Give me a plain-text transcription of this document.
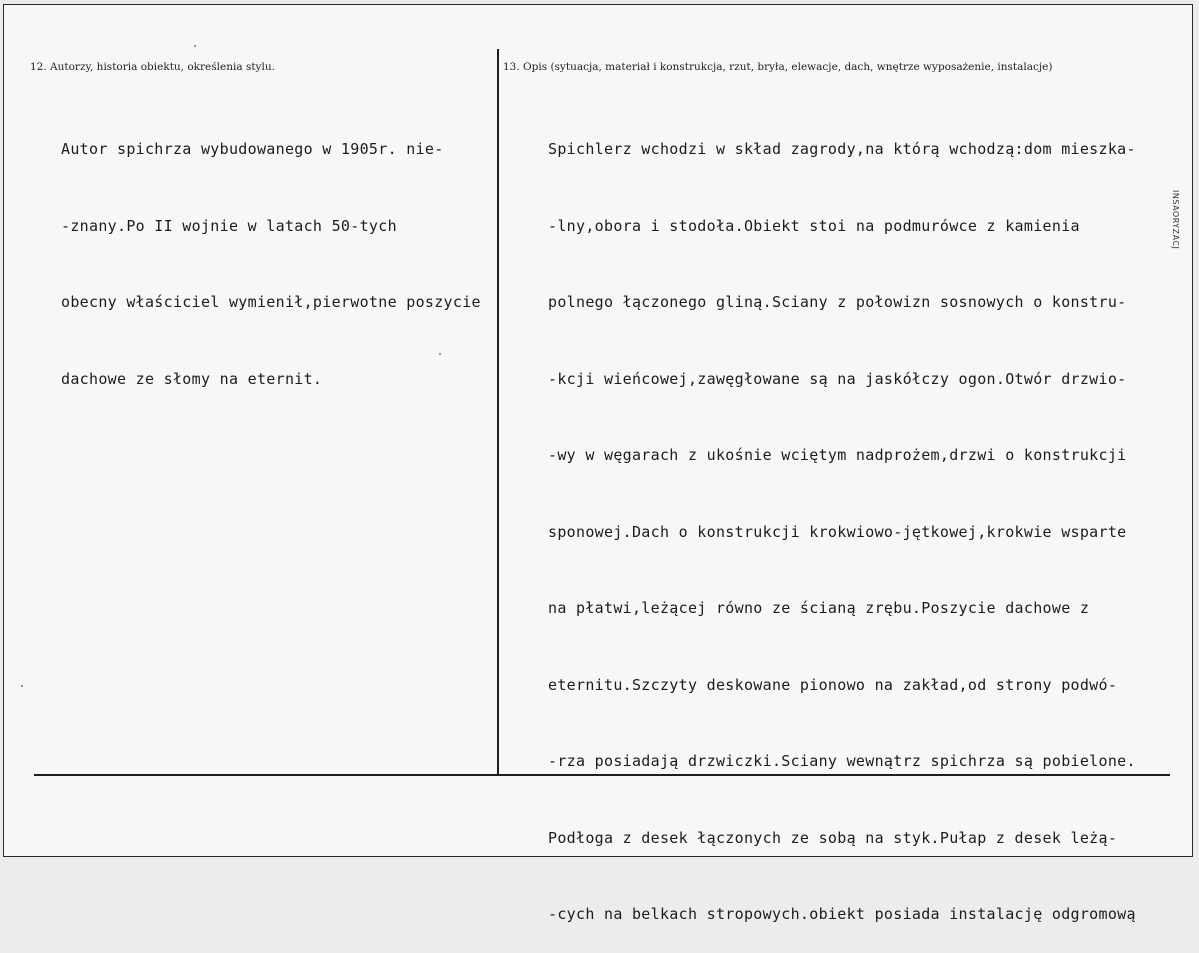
12. Autorzy, historia obiektu, określenia stylu.

Autor spichrza wybudowanego w 1905r. nie-

-znany.Po II wojnie w latach 50-tych

obecny właściciel wymienił,pierwotne poszycie

dachowe ze słomy na eternit.

13. Opis (sytuacja, materiał i konstrukcja, rzut, bryła, elewacje, dach, wnętrze wyposażenie, instalacje)

Spichlerz wchodzi w skład zagrody,na którą wchodzą:dom mieszka-

-lny,obora i stodoła.Obiekt stoi na podmurówce z kamienia

polnego łączonego gliną.Sciany z połowizn sosnowych o konstru-

-kcji wieńcowej,zawęgłowane są na jaskółczy ogon.Otwór drzwio-

-wy w węgarach z ukośnie wciętym nadprożem,drzwi o konstrukcji

sponowej.Dach o konstrukcji krokwiowo-jętkowej,krokwie wsparte

na płatwi,leżącej równo ze ścianą zrębu.Poszycie dachowe z

eternitu.Szczyty deskowane pionowo na zakład,od strony podwó-

-rza posiadają drzwiczki.Sciany wewnątrz spichrza są pobielone.

Podłoga z desek łączonych ze sobą na styk.Pułap z desek leżą-

-cych na belkach stropowych.obiekt posiada instalację odgromową

INSAORYZACJ
